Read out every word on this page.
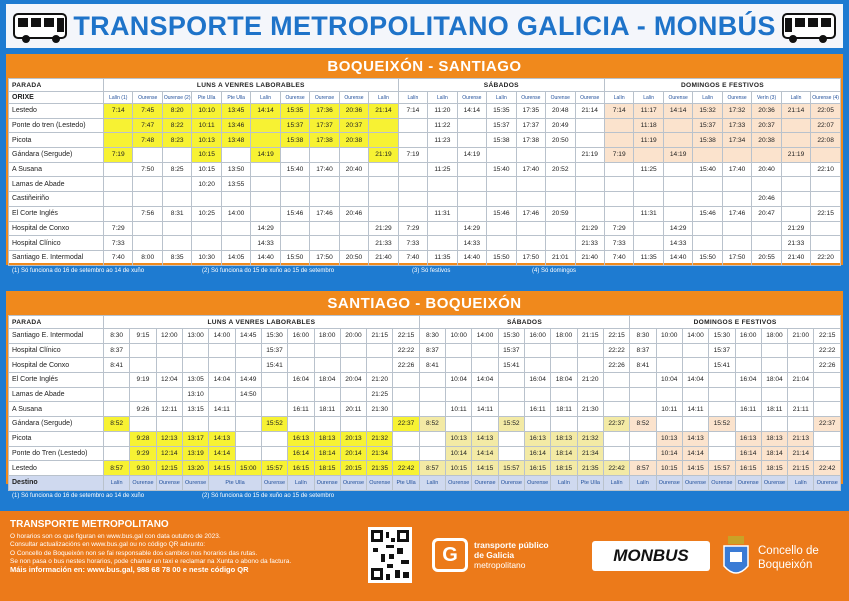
TRANSPORTE METROPOLITANO GALICIA - MONBÚS
BOQUEIXÓN - SANTIAGO
PARADA	LUNS A VENRES LABORABLES										SÁBADOS							DOMINGOS E FESTIVOS							
ORIXE	Lalín (1)	Ourense	Ourense (2)	Pte Ulla	Pte Ulla	Lalín	Ourense	Ourense	Ourense	Lalín	Lalín	Lalín	Ourense	Lalín	Ourense	Ourense	Ourense	Lalín	Lalín	Ourense	Lalín	Ourense	Verín (3)	Lalín	Ourense (4)
Lestedo	7:14	7:45	8:20	10:10	13:45	14:14	15:35	17:36	20:36	21:14	7:14	11:20	14:14	15:35	17:35	20:48	21:14	7:14	11:17	14:14	15:32	17:32	20:36	21:14	22:05
Ponte do tren (Lestedo)		7:47	8:22	10:11	13:46		15:37	17:37	20:37			11:22		15:37	17:37	20:49			11:18		15:37	17:33	20:37		22:07
Picota		7:48	8:23	10:13	13:48		15:38	17:38	20:38			11:23		15:38	17:38	20:50			11:19		15:38	17:34	20:38		22:08
Gándara (Sergude)	7:19			10:15		14:19				21:19	7:19		14:19				21:19	7:19		14:19				21:19	
A Susana		7:50	8:25	10:15	13:50		15:40	17:40	20:40			11:25		15:40	17:40	20:52			11:25		15:40	17:40	20:40		22:10
Lamas de Abade				10:20	13:55																				
Castiñeiriño																							20:46		
El Corte Inglés		7:56	8:31	10:25	14:00		15:46	17:46	20:46			11:31		15:46	17:46	20:59			11:31		15:46	17:46	20:47		22:15
Hospital de Conxo	7:29					14:29				21:29	7:29		14:29				21:29	7:29		14:29				21:29	
Hospital Clínico	7:33					14:33				21:33	7:33		14:33				21:33	7:33		14:33				21:33	
Santiago E. Intermodal	7:40	8:00	8:35	10:30	14:05	14:40	15:50	17:50	20:50	21:40	7:40	11:35	14:40	15:50	17:50	21:01	21:40	7:40	11:35	14:40	15:50	17:50	20:55	21:40	22:20
(1) Só funciona do 16 de setembro ao 14 de xuño	(2) Só funciona do 15 de xuño ao 15 de setembro	(3) Só festivos	(4) Só domingos
SANTIAGO - BOQUEIXÓN
PARADA	LUNS A VENRES LABORABLES												SÁBADOS								DOMINGOS E FESTIVOS							
Santiago E. Intermodal	8:30	9:15	12:00	13:00	14:00	14:45	15:30	16:00	18:00	20:00	21:15	22:15	8:30	10:00	14:00	15:30	16:00	18:00	21:15	22:15	8:30	10:00	14:00	15:30	16:00	18:00	21:00	22:15
Hospital Clínico	8:37						15:37					22:22	8:37			15:37				22:22	8:37			15:37				22:22
Hospital de Conxo	8:41						15:41					22:26	8:41			15:41				22:26	8:41			15:41				22:26
El Corte Inglés		9:19	12:04	13:05	14:04	14:49		16:04	18:04	20:04	21:20			10:04	14:04		16:04	18:04	21:20			10:04	14:04		16:04	18:04	21:04	
Lamas de Abade				13:10		14:50					21:25																	
A Susana		9:26	12:11	13:15	14:11			16:11	18:11	20:11	21:30			10:11	14:11		16:11	18:11	21:30			10:11	14:11		16:11	18:11	21:11	
Gándara (Sergude)	8:52						15:52					22:37	8:52			15:52				22:37	8:52			15:52				22:37
Picota		9:28	12:13	13:17	14:13			16:13	18:13	20:13	21:32			10:13	14:13		16:13	18:13	21:32			10:13	14:13		16:13	18:13	21:13	
Ponte do Tren (Lestedo)		9:29	12:14	13:19	14:14			16:14	18:14	20:14	21:34			10:14	14:14		16:14	18:14	21:34			10:14	14:14		16:14	18:14	21:14	
Lestedo	8:57	9:30	12:15	13:20	14:15	15:00	15:57	16:15	18:15	20:15	21:35	22:42	8:57	10:15	14:15	15:57	16:15	18:15	21:35	22:42	8:57	10:15	14:15	15:57	16:15	18:15	21:15	22:42
Destino	Lalín	Ourense	Ourense	Ourense	Pte Ulla		Ourense	Lalín	Ourense	Ourense	Ourense	Pte Ulla	Lalín	Ourense	Ourense	Ourense	Ourense	Lalín	Pte Ulla	Lalín	Lalín	Ourense	Ourense	Ourense	Ourense	Ourense	Lalín	Ourense
(1) Só funciona do 16 de setembro ao 14 de xuño	(2) Só funciona do 15 de xuño ao 15 de setembro
TRANSPORTE METROPOLITANO
O horarios son os que figuran en www.bus.gal con data outubro de 2023.
Consultar actualizacións en www.bus.gal ou no código QR adxunto:
O Concello de Boqueixón non se fai responsable dos cambios nos horarios das rutas.
Se non pasa o bus nestes horarios, pode chamar un taxi e reclamar na Xunta o abono da factura.
Máis información en: www.bus.gal, 988 68 78 00 e neste código QR
G	transporte público
de Galicia
metropolitano	MONBUS	Concello de
Boqueixón
